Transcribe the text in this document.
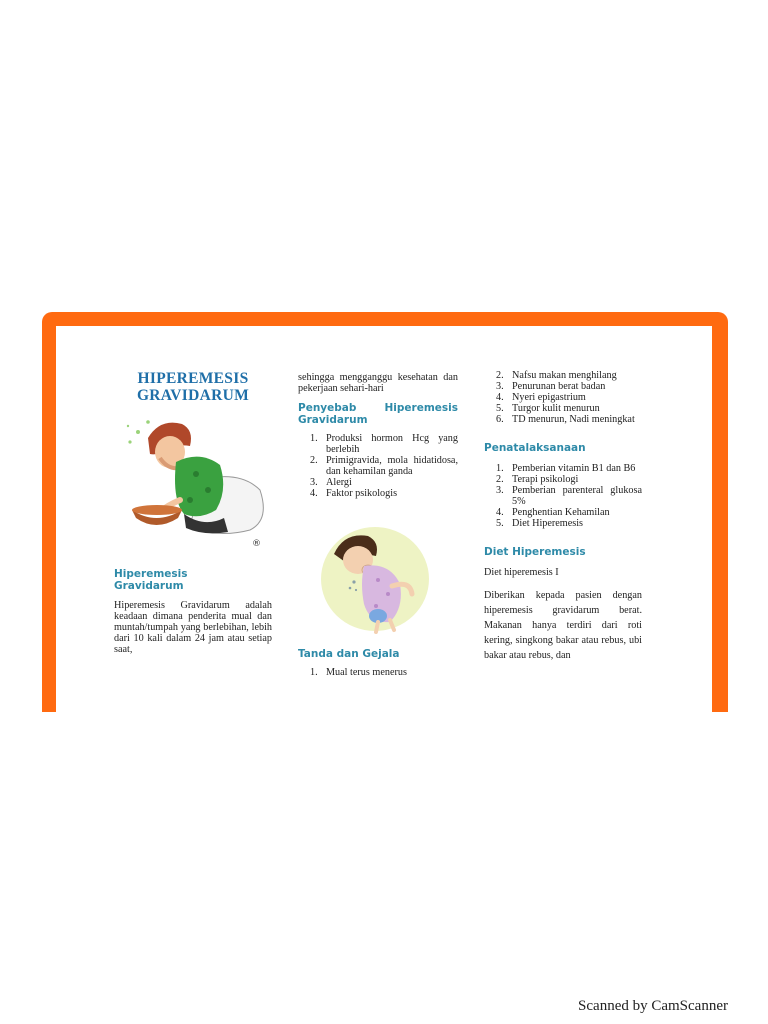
HIPEREMESIS
GRAVIDARUM
®
Hiperemesis Gravidarum
Hiperemesis Gravidarum adalah keadaan dimana penderita mual dan muntah/tumpah yang berlebihan, lebih dari 10 kali dalam 24 jam atau setiap saat,
sehingga mengganggu kesehatan dan pekerjaan sehari-hari
Penyebab Hiperemesis Gravidarum
1. Produksi hormon Hcg yang berlebih
2. Primigravida, mola hidatidosa, dan kehamilan ganda
3. Alergi
4. Faktor psikologis
Tanda dan Gejala
1. Mual terus menerus
2. Nafsu makan menghilang
3. Penurunan berat badan
4. Nyeri epigastrium
5. Turgor kulit menurun
6. TD menurun, Nadi meningkat
Penatalaksanaan
1. Pemberian vitamin B1 dan B6
2. Terapi psikologi
3. Pemberian parenteral glukosa 5%
4. Penghentian Kehamilan
5. Diet Hiperemesis
Diet Hiperemesis
Diet hiperemesis I
Diberikan kepada pasien dengan hiperemesis gravidarum berat. Makanan hanya terdiri dari roti kering, singkong bakar atau rebus, ubi bakar atau rebus, dan
Scanned by CamScanner
